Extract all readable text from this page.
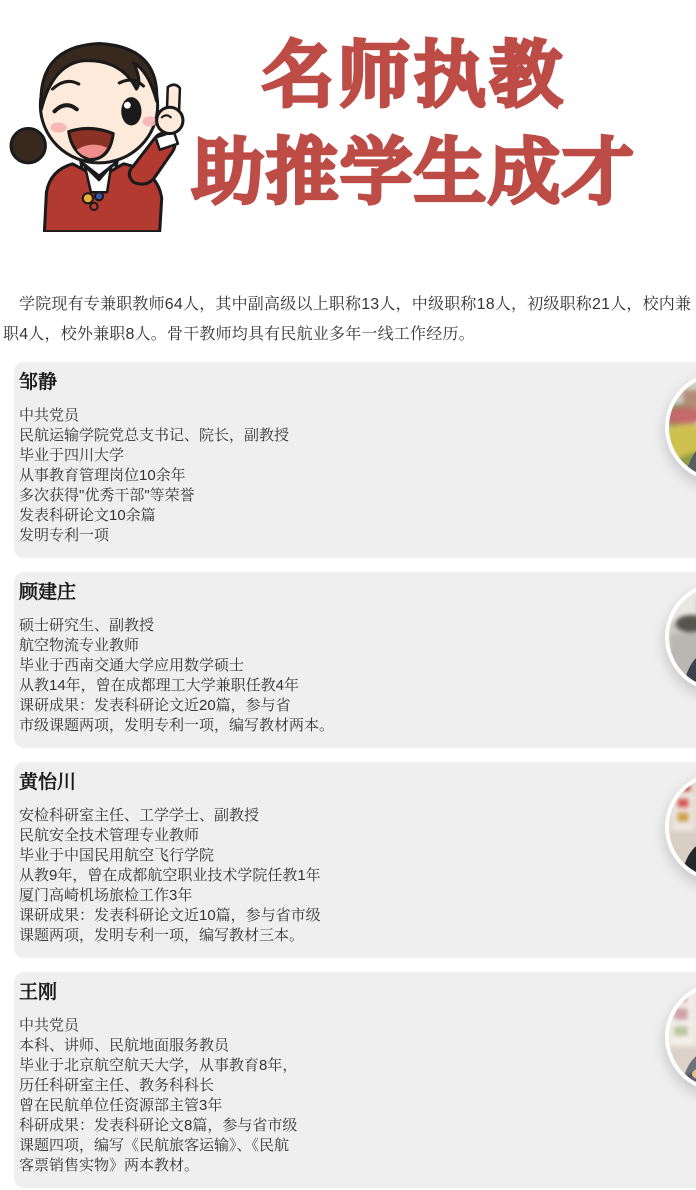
名师执教
助推学生成才

学院现有专兼职教师64人，其中副高级以上职称13人，中级职称18人，初级职称21人，校内兼职4人，校外兼职8人。骨干教师均具有民航业多年一线工作经历。

邹静
中共党员
民航运输学院党总支书记、院长，副教授
毕业于四川大学
从事教育管理岗位10余年
多次获得"优秀干部"等荣誉
发表科研论文10余篇
发明专利一项
顾建庄
硕士研究生、副教授
航空物流专业教师
毕业于西南交通大学应用数学硕士
从教14年，曾在成都理工大学兼职任教4年
课研成果：发表科研论文近20篇，参与省
市级课题两项，发明专利一项，编写教材两本。
黄怡川
安检科研室主任、工学学士、副教授
民航安全技术管理专业教师
毕业于中国民用航空飞行学院
从教9年，曾在成都航空职业技术学院任教1年
厦门高崎机场旅检工作3年
课研成果：发表科研论文近10篇，参与省市级
课题两项，发明专利一项，编写教材三本。
王刚
中共党员
本科、讲师、民航地面服务教员
毕业于北京航空航天大学，从事教育8年，
历任科研室主任、教务科科长
曾在民航单位任资源部主管3年
科研成果：发表科研论文8篇，参与省市级
课题四项，编写《民航旅客运输》、《民航
客票销售实物》两本教材。
